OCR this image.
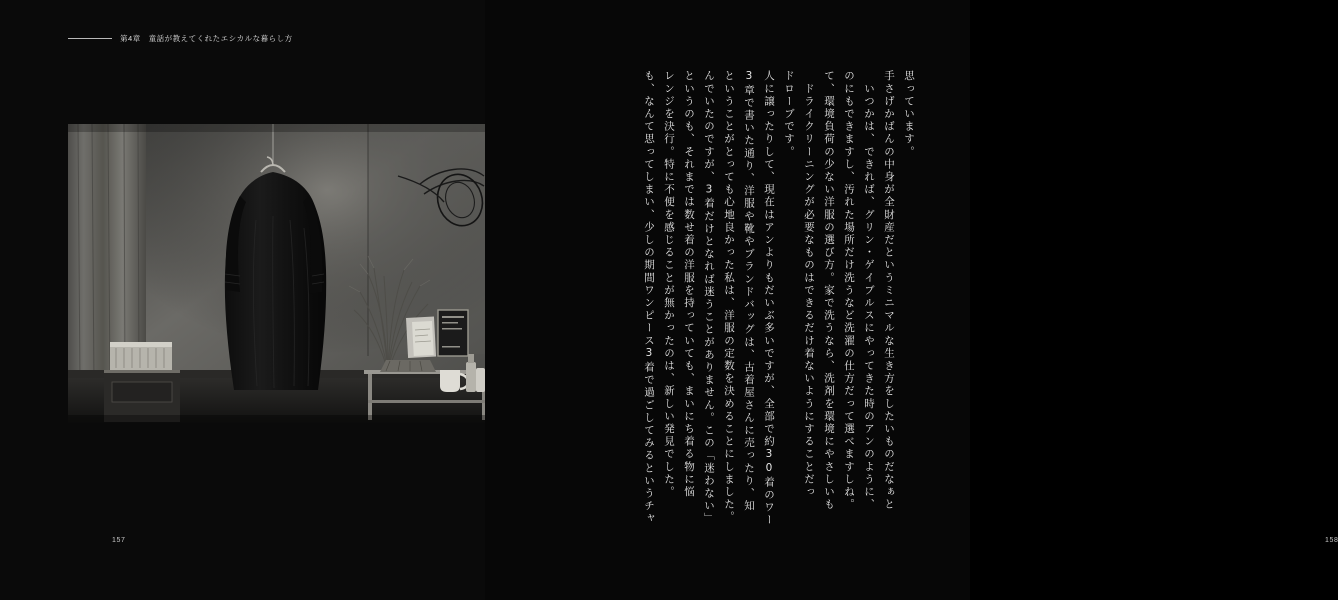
第4章 童話が教えてくれたエシカルな暮らし方
157
も、なんて思ってしまい、少しの期間ワンピース3着で過ごしてみるというチャ レンジを決行。特に不便を感じることが無かったのは、新しい発見でした。 というのも、それまでは数せ着の洋服を持っていても、まいにち着る物に悩 んでいたのですが、3着だけとなれば迷うことがありません。この「迷わない」 ということがとっても心地良かった私は、洋服の定数を決めることにしました。 3章で書いた通り、洋服や靴やブランドバッグは、古着屋さんに売ったり、知 人に譲ったりして、現在はアンよりもだいぶ多いですが、全部で約30着のワー ドローブです。 　ドライクリーニングが必要なものはできるだけ着ないようにすることだっ て、環境負荷の少ない洋服の選び方。家で洗うなら、洗剤を環境にやさしいも のにもできますし、汚れた場所だけ洗うなど洗濯の仕方だって選べますしね。 　いつかは、できれば、グリン・ゲイブルスにやってきた時のアンのように、 手さげかばんの中身が全財産だというミニマルな生き方をしたいものだなぁと 思っています。
158
